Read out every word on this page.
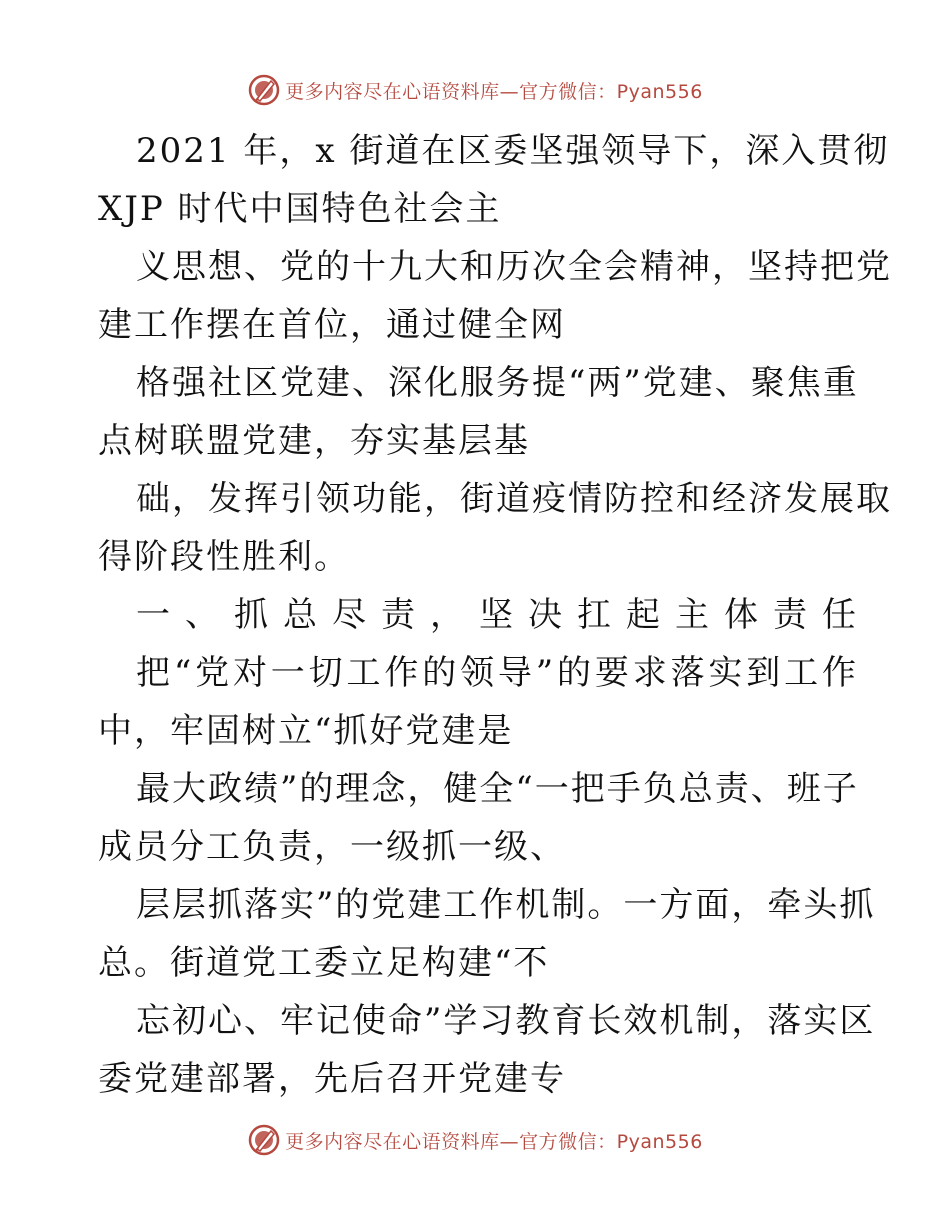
更多内容尽在心语资料库—官方微信：Pyan556
2021 年，x 街道在区委坚强领导下，深入贯彻
XJP 时代中国特色社会主
义思想、党的十九大和历次全会精神，坚持把党
建工作摆在首位，通过健全网
格强社区党建、深化服务提“两”党建、聚焦重
点树联盟党建，夯实基层基
础，发挥引领功能，街道疫情防控和经济发展取
得阶段性胜利。
一、抓总尽责，坚决扛起主体责任
把“党对一切工作的领导”的要求落实到工作
中，牢固树立“抓好党建是
最大政绩”的理念，健全“一把手负总责、班子
成员分工负责，一级抓一级、
层层抓落实”的党建工作机制。一方面，牵头抓
总。街道党工委立足构建“不
忘初心、牢记使命”学习教育长效机制，落实区
委党建部署，先后召开党建专
更多内容尽在心语资料库—官方微信：Pyan556
